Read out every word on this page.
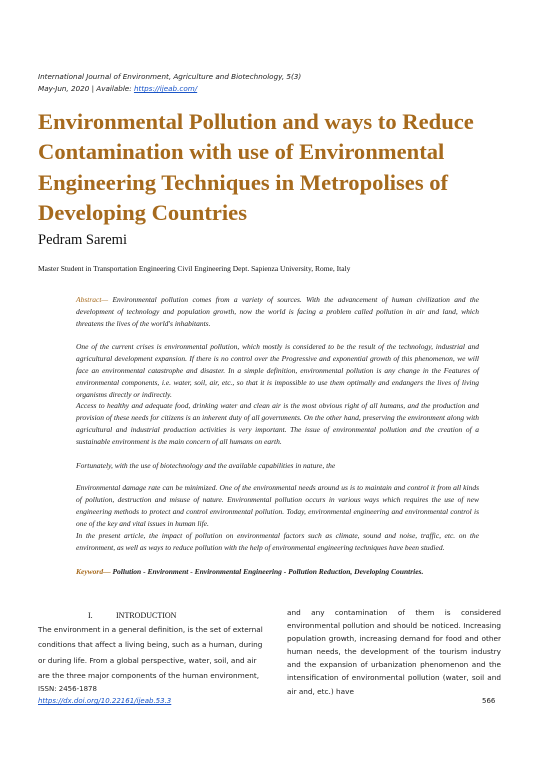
International Journal of Environment, Agriculture and Biotechnology, 5(3)
May-Jun, 2020 | Available: https://ijeab.com/
Environmental Pollution and ways to Reduce Contamination with use of Environmental Engineering Techniques in Metropolises of Developing Countries
Pedram Saremi
Master Student in Transportation Engineering Civil Engineering Dept. Sapienza University, Rome, Italy
Abstract— Environmental pollution comes from a variety of sources. With the advancement of human civilization and the development of technology and population growth, now the world is facing a problem called pollution in air and land, which threatens the lives of the world's inhabitants.
One of the current crises is environmental pollution, which mostly is considered to be the result of the technology, industrial and agricultural development expansion. If there is no control over the Progressive and exponential growth of this phenomenon, we will face an environmental catastrophe and disaster. In a simple definition, environmental pollution is any change in the Features of environmental components, i.e. water, soil, air, etc., so that it is impossible to use them optimally and endangers the lives of living organisms directly or indirectly.
Access to healthy and adequate food, drinking water and clean air is the most obvious right of all humans, and the production and provision of these needs for citizens is an inherent duty of all governments. On the other hand, preserving the environment along with agricultural and industrial production activities is very important. The issue of environmental pollution and the creation of a sustainable environment is the main concern of all humans on earth.
Fortunately, with the use of biotechnology and the available capabilities in nature, the
Environmental damage rate can be minimized. One of the environmental needs around us is to maintain and control it from all kinds of pollution, destruction and misuse of nature. Environmental pollution occurs in various ways which requires the use of new engineering methods to protect and control environmental pollution. Today, environmental engineering and environmental control is one of the key and vital issues in human life.
In the present article, the impact of pollution on environmental factors such as climate, sound and noise, traffic, etc. on the environment, as well as ways to reduce pollution with the help of environmental engineering techniques have been studied.
Keyword— Pollution - Environment - Environmental Engineering - Pollution Reduction, Developing Countries.
I.	INTRODUCTION

The environment in a general definition, is the set of external

conditions that affect a living being, such as a human, during

or during life. From a global perspective, water, soil, and air

are the three major components of the human environment,

and any contamination of them is considered environmental pollution and should be noticed. Increasing population growth, increasing demand for food and other human needs, the development of the tourism industry and the expansion of urbanization phenomenon and the intensification of environmental pollution (water, soil and air and, etc.) have
ISSN: 2456-1878
https://dx.doi.org/10.22161/ijeab.53.3	566
